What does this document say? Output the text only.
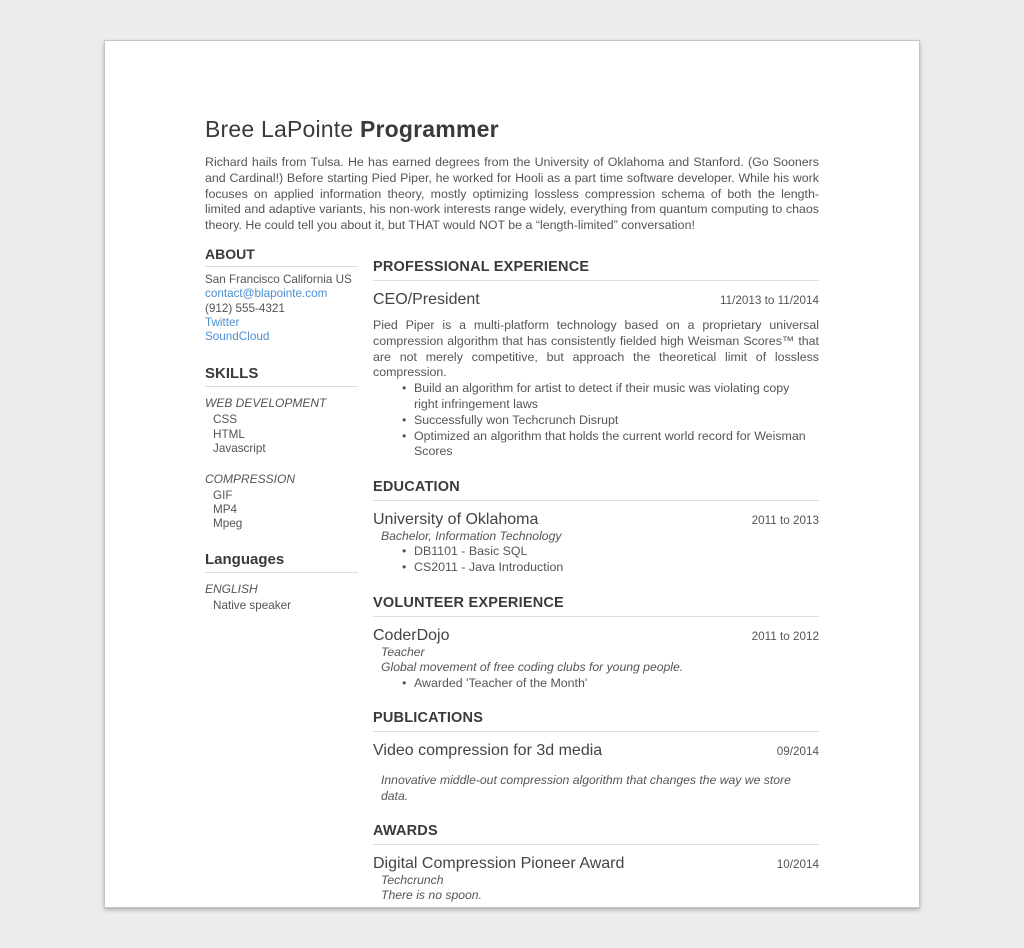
Bree LaPointe Programmer

Richard hails from Tulsa. He has earned degrees from the University of Oklahoma and Stanford. (Go Sooners and Cardinal!) Before starting Pied Piper, he worked for Hooli as a part time software developer. While his work focuses on applied information theory, mostly optimizing lossless compression schema of both the length-limited and adaptive variants, his non-work interests range widely, everything from quantum computing to chaos theory. He could tell you about it, but THAT would NOT be a “length-limited” conversation!

ABOUT
San Francisco California US
contact@blapointe.com
(912) 555-4321
Twitter
SoundCloud
SKILLS
WEB DEVELOPMENT
CSS
HTML
Javascript
COMPRESSION
GIF
MP4
Mpeg
Languages
ENGLISH
Native speaker
PROFESSIONAL EXPERIENCE
CEO/President	11/2013 to 11/2014

Pied Piper is a multi-platform technology based on a proprietary universal compression algorithm that has consistently fielded high Weisman Scores™ that are not merely competitive, but approach the theoretical limit of lossless compression.

• Build an algorithm for artist to detect if their music was violating copy right infringement laws
• Successfully won Techcrunch Disrupt
• Optimized an algorithm that holds the current world record for Weisman Scores
EDUCATION
University of Oklahoma	2011 to 2013
Bachelor, Information Technology
• DB1101 - Basic SQL
• CS2011 - Java Introduction
VOLUNTEER EXPERIENCE
CoderDojo	2011 to 2012
Teacher
Global movement of free coding clubs for young people.
• Awarded 'Teacher of the Month'
PUBLICATIONS
Video compression for 3d media	09/2014
Innovative middle-out compression algorithm that changes the way we store data.
AWARDS
Digital Compression Pioneer Award	10/2014
Techcrunch
There is no spoon.
